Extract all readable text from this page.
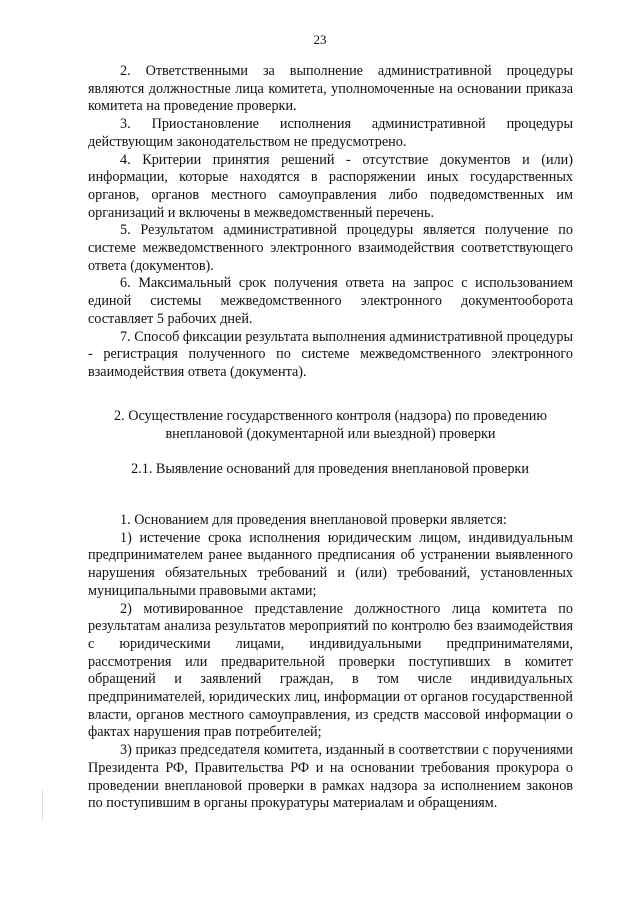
23

2. Ответственными за выполнение административной процедуры являются должностные лица комитета, уполномоченные на основании приказа комитета на проведение проверки.

3. Приостановление исполнения административной процедуры действующим законодательством не предусмотрено.

4. Критерии принятия решений - отсутствие документов и (или) информации, которые находятся в распоряжении иных государственных органов, органов местного самоуправления либо подведомственных им организаций и включены в межведомственный перечень.

5. Результатом административной процедуры является получение по системе межведомственного электронного взаимодействия соответствующего ответа (документов).

6. Максимальный срок получения ответа на запрос с использованием единой системы межведомственного электронного документооборота составляет 5 рабочих дней.

7. Способ фиксации результата выполнения административной процедуры - регистрация полученного по системе межведомственного электронного взаимодействия ответа (документа).

2. Осуществление государственного контроля (надзора) по проведению внеплановой (документарной или выездной) проверки

2.1. Выявление оснований для проведения внеплановой проверки

1. Основанием для проведения внеплановой проверки является:

1) истечение срока исполнения юридическим лицом, индивидуальным предпринимателем ранее выданного предписания об устранении выявленного нарушения обязательных требований и (или) требований, установленных муниципальными правовыми актами;

2) мотивированное представление должностного лица комитета по результатам анализа результатов мероприятий по контролю без взаимодействия с юридическими лицами, индивидуальными предпринимателями, рассмотрения или предварительной проверки поступивших в комитет обращений и заявлений граждан, в том числе индивидуальных предпринимателей, юридических лиц, информации от органов государственной власти, органов местного самоуправления, из средств массовой информации о фактах нарушения прав потребителей;

3) приказ председателя комитета, изданный в соответствии с поручениями Президента РФ, Правительства РФ и на основании требования прокурора о проведении внеплановой проверки в рамках надзора за исполнением законов по поступившим в органы прокуратуры материалам и обращениям.
